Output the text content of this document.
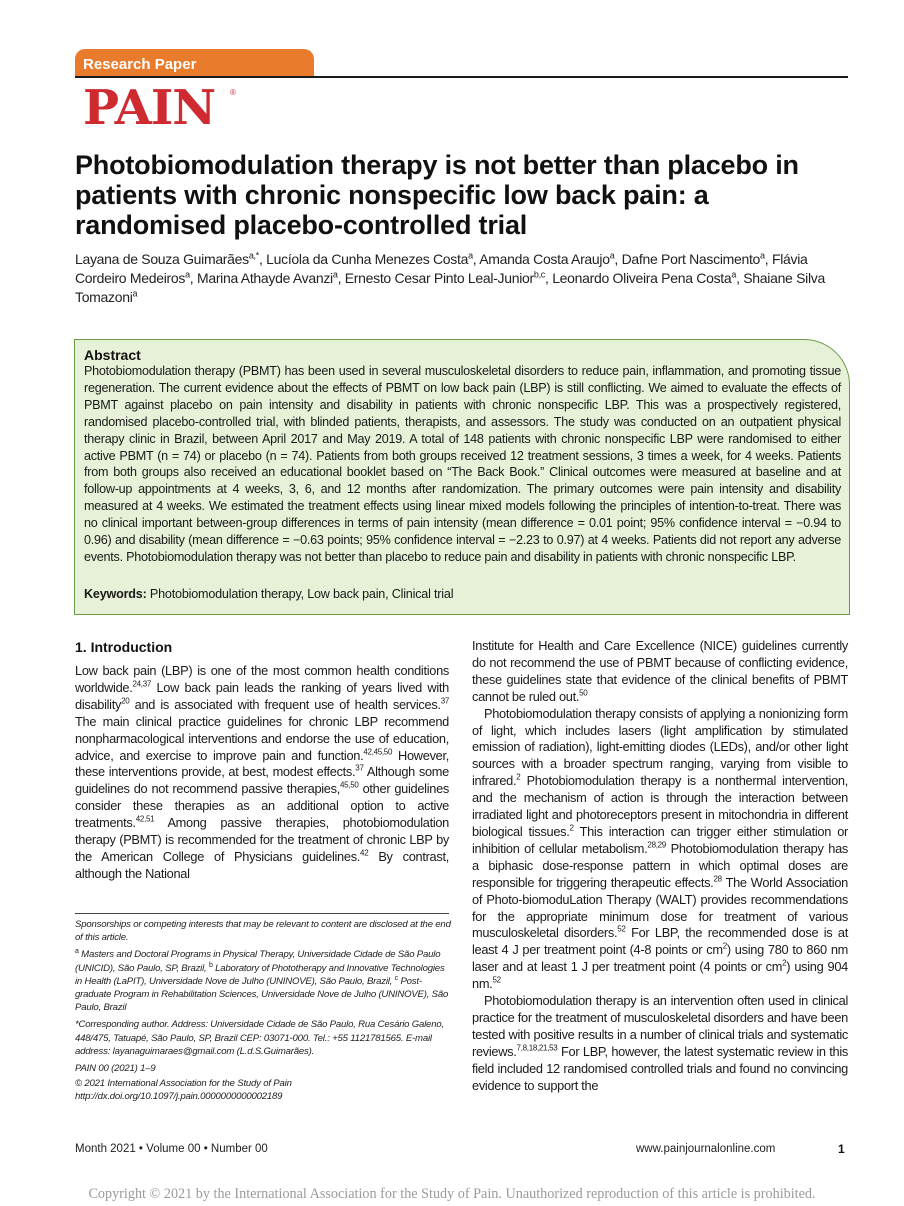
Research Paper
PAIN ®
Photobiomodulation therapy is not better than placebo in patients with chronic nonspecific low back pain: a randomised placebo-controlled trial
Layana de Souza Guimarães$^{a,*}$, Lucíola da Cunha Menezes Costa$^a$, Amanda Costa Araujo$^a$, Dafne Port Nascimento$^a$, Flávia Cordeiro Medeiros$^a$, Marina Athayde Avanzi$^a$, Ernesto Cesar Pinto Leal-Junior$^{b,c}$, Leonardo Oliveira Pena Costa$^a$, Shaiane Silva Tomazoni$^a$
Abstract
Photobiomodulation therapy (PBMT) has been used in several musculoskeletal disorders to reduce pain, inflammation, and promoting tissue regeneration. The current evidence about the effects of PBMT on low back pain (LBP) is still conflicting. We aimed to evaluate the effects of PBMT against placebo on pain intensity and disability in patients with chronic nonspecific LBP. This was a prospectively registered, randomised placebo-controlled trial, with blinded patients, therapists, and assessors. The study was conducted on an outpatient physical therapy clinic in Brazil, between April 2017 and May 2019. A total of 148 patients with chronic nonspecific LBP were randomised to either active PBMT (n = 74) or placebo (n = 74). Patients from both groups received 12 treatment sessions, 3 times a week, for 4 weeks. Patients from both groups also received an educational booklet based on “The Back Book.” Clinical outcomes were measured at baseline and at follow-up appointments at 4 weeks, 3, 6, and 12 months after randomization. The primary outcomes were pain intensity and disability measured at 4 weeks. We estimated the treatment effects using linear mixed models following the principles of intention-to-treat. There was no clinical important between-group differences in terms of pain intensity (mean difference = 0.01 point; 95% confidence interval = −0.94 to 0.96) and disability (mean difference = −0.63 points; 95% confidence interval = −2.23 to 0.97) at 4 weeks. Patients did not report any adverse events. Photobiomodulation therapy was not better than placebo to reduce pain and disability in patients with chronic nonspecific LBP.
Keywords: Photobiomodulation therapy, Low back pain, Clinical trial
1. Introduction

Low back pain (LBP) is one of the most common health conditions worldwide.$^{24,37}$ Low back pain leads the ranking of years lived with disability$^{20}$ and is associated with frequent use of health services.$^{37}$ The main clinical practice guidelines for chronic LBP recommend nonpharmacological interventions and endorse the use of education, advice, and exercise to improve pain and function.$^{42,45,50}$ However, these interventions provide, at best, modest effects.$^{37}$ Although some guidelines do not recommend passive therapies,$^{45,50}$ other guidelines consider these therapies as an additional option to active treatments.$^{42,51}$ Among passive therapies, photobiomodulation therapy (PBMT) is recommended for the treatment of chronic LBP by the American College of Physicians guidelines.$^{42}$ By contrast, although the National

Institute for Health and Care Excellence (NICE) guidelines currently do not recommend the use of PBMT because of conflicting evidence, these guidelines state that evidence of the clinical benefits of PBMT cannot be ruled out.$^{50}$

Photobiomodulation therapy consists of applying a nonionizing form of light, which includes lasers (light amplification by stimulated emission of radiation), light-emitting diodes (LEDs), and/or other light sources with a broader spectrum ranging, varying from visible to infrared.$^2$ Photobiomodulation therapy is a nonthermal intervention, and the mechanism of action is through the interaction between irradiated light and photoreceptors present in mitochondria in different biological tissues.$^2$ This interaction can trigger either stimulation or inhibition of cellular metabolism.$^{28,29}$ Photobiomodulation therapy has a biphasic dose-response pattern in which optimal doses are responsible for triggering therapeutic effects.$^{28}$ The World Association of Photo-biomoduLation Therapy (WALT) provides recommendations for the appropriate minimum dose for treatment of various musculoskeletal disorders.$^{52}$ For LBP, the recommended dose is at least 4 J per treatment point (4-8 points or $cm^2$) using 780 to 860 nm laser and at least 1 J per treatment point (4 points or $cm^2$) using 904 nm.$^{52}$

Photobiomodulation therapy is an intervention often used in clinical practice for the treatment of musculoskeletal disorders and have been tested with positive results in a number of clinical trials and systematic reviews.$^{7,8,18,21,53}$ For LBP, however, the latest systematic review in this field included 12 randomised controlled trials and found no convincing evidence to support the

Sponsorships or competing interests that may be relevant to content are disclosed at the end of this article.

$^a$ Masters and Doctoral Programs in Physical Therapy, Universidade Cidade de São Paulo (UNICID), São Paulo, SP, Brazil, $^b$ Laboratory of Phototherapy and Innovative Technologies in Health (LaPIT), Universidade Nove de Julho (UNINOVE), São Paulo, Brazil, $^c$ Post-graduate Program in Rehabilitation Sciences, Universidade Nove de Julho (UNINOVE), São Paulo, Brazil

*Corresponding author. Address: Universidade Cidade de São Paulo, Rua Cesário Galeno, 448/475, Tatuapé, São Paulo, SP, Brazil CEP: 03071-000. Tel.: +55 1121781565. E-mail address: layanaguimaraes@gmail.com (L.d.S.Guimarães).

PAIN 00 (2021) 1–9

© 2021 International Association for the Study of Pain

http://dx.doi.org/10.1097/j.pain.0000000000002189

Month 2021 • Volume 00 • Number 00	www.painjournalonline.com	1
Copyright © 2021 by the International Association for the Study of Pain. Unauthorized reproduction of this article is prohibited.
